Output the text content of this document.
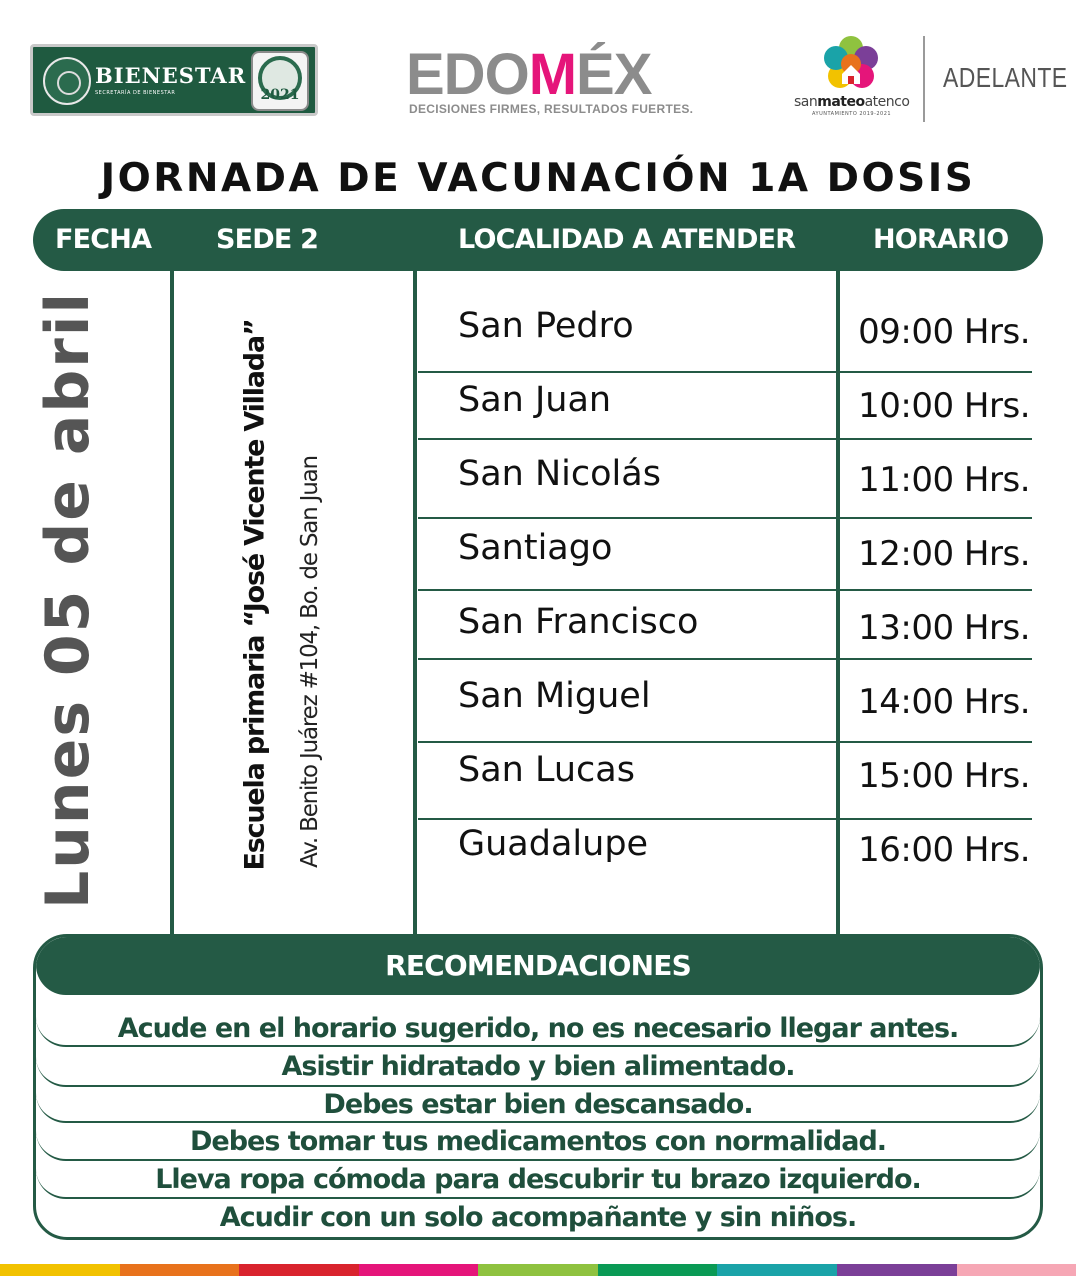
BIENESTAR
SECRETARÍA DE BIENESTAR	2021 EDOMÉX
DECISIONES FIRMES, RESULTADOS FUERTES.	sanmateoatenco
AYUNTAMIENTO 2019-2021
ADELANTE
JORNADA DE VACUNACIÓN 1A DOSIS
FECHA SEDE 2	LOCALIDAD A ATENDER	HORARIO
Lunes 05 de abril	Escuela primaria “José Vicente Villada” Av. Benito Juárez #104, Bo. de San Juan
San Pedro	09:00 Hrs.
San Juan	10:00 Hrs.
San Nicolás	11:00 Hrs.
Santiago	12:00 Hrs.
San Francisco	13:00 Hrs.
San Miguel	14:00 Hrs.
San Lucas	15:00 Hrs.
Guadalupe	16:00 Hrs.
RECOMENDACIONES
Acude en el horario sugerido, no es necesario llegar antes.
Asistir hidratado y bien alimentado.
Debes estar bien descansado.
Debes tomar tus medicamentos con normalidad.
Lleva ropa cómoda para descubrir tu brazo izquierdo.
Acudir con un solo acompañante y sin niños.
